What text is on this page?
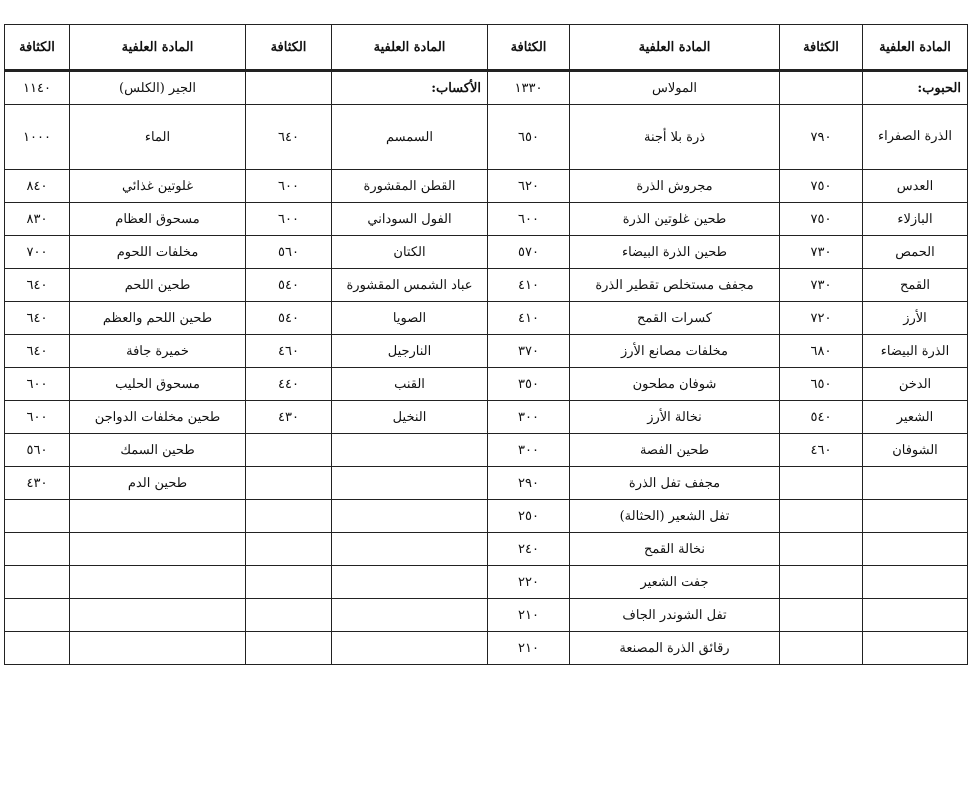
المادة العلفية	الكثافة	المادة العلفية	الكثافة	المادة العلفية	الكثافة	المادة العلفية	الكثافة
الحبوب:		المولاس	١٣٣٠	الأكساب:		الجير (الكلس)	١١٤٠
الذرة الصفراء	٧٩٠	ذرة بلا أجنة	٦٥٠	السمسم	٦٤٠	الماء	١٠٠٠
العدس	٧٥٠	مجروش الذرة	٦٢٠	القطن المقشورة	٦٠٠	غلوتين غذائي	٨٤٠
البازلاء	٧٥٠	طحين غلوتين الذرة	٦٠٠	الفول السوداني	٦٠٠	مسحوق العظام	٨٣٠
الحمص	٧٣٠	طحين الذرة البيضاء	٥٧٠	الكتان	٥٦٠	مخلفات اللحوم	٧٠٠
القمح	٧٣٠	مجفف مستخلص تقطير الذرة	٤١٠	عباد الشمس المقشورة	٥٤٠	طحين اللحم	٦٤٠
الأرز	٧٢٠	كسرات القمح	٤١٠	الصويا	٥٤٠	طحين اللحم والعظم	٦٤٠
الذرة البيضاء	٦٨٠	مخلفات مصانع الأرز	٣٧٠	النارجيل	٤٦٠	خميرة جافة	٦٤٠
الدخن	٦٥٠	شوفان مطحون	٣٥٠	القنب	٤٤٠	مسحوق الحليب	٦٠٠
الشعير	٥٤٠	نخالة الأرز	٣٠٠	النخيل	٤٣٠	طحين مخلفات الدواجن	٦٠٠
الشوفان	٤٦٠	طحين الفصة	٣٠٠			طحين السمك	٥٦٠
		مجفف تفل الذرة	٢٩٠			طحين الدم	٤٣٠
		تفل الشعير (الحثالة)	٢٥٠				
		نخالة القمح	٢٤٠				
		جفت الشعير	٢٢٠				
		تفل الشوندر الجاف	٢١٠				
		رقائق الذرة المصنعة	٢١٠				
